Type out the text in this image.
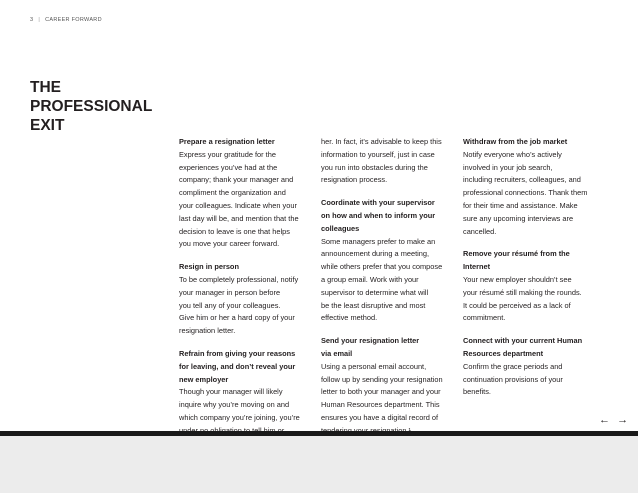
3 | CAREER FORWARD
THE
PROFESSIONAL
EXIT
Prepare a resignation letter
Express your gratitude for the
experiences you’ve had at the
company; thank your manager and
compliment the organization and
your colleagues. Indicate when your
last day will be, and mention that the
decision to leave is one that helps
you move your career forward.
Resign in person
To be completely professional, notify
your manager in person before
you tell any of your colleagues.
Give him or her a hard copy of your
resignation letter.
Refrain from giving your reasons
for leaving, and don’t reveal your
new employer
Though your manager will likely
inquire why you’re moving on and
which company you’re joining, you’re
her. In fact, it’s advisable to keep this
information to yourself, just in case
you run into obstacles during the
resignation process.
Coordinate with your supervisor
on how and when to inform your
colleagues
Some managers prefer to make an
announcement during a meeting,
while others prefer that you compose
a group email. Work with your
supervisor to determine what will
be the least disruptive and most
effective method.
Send your resignation letter
via email
Using a personal email account,
follow up by sending your resignation
letter to both your manager and your
Human Resources department. This
ensures you have a digital record of
Withdraw from the job market
Notify everyone who’s actively
involved in your job search,
including recruiters, colleagues, and
professional connections. Thank them
for their time and assistance. Make
sure any upcoming interviews are
cancelled.
Remove your résumé from the
Internet
Your new employer shouldn’t see
your résumé still making the rounds.
It could be perceived as a lack of
commitment.
Connect with your current Human
Resources department
Confirm the grace periods and
continuation provisions of your
benefits.
← →
